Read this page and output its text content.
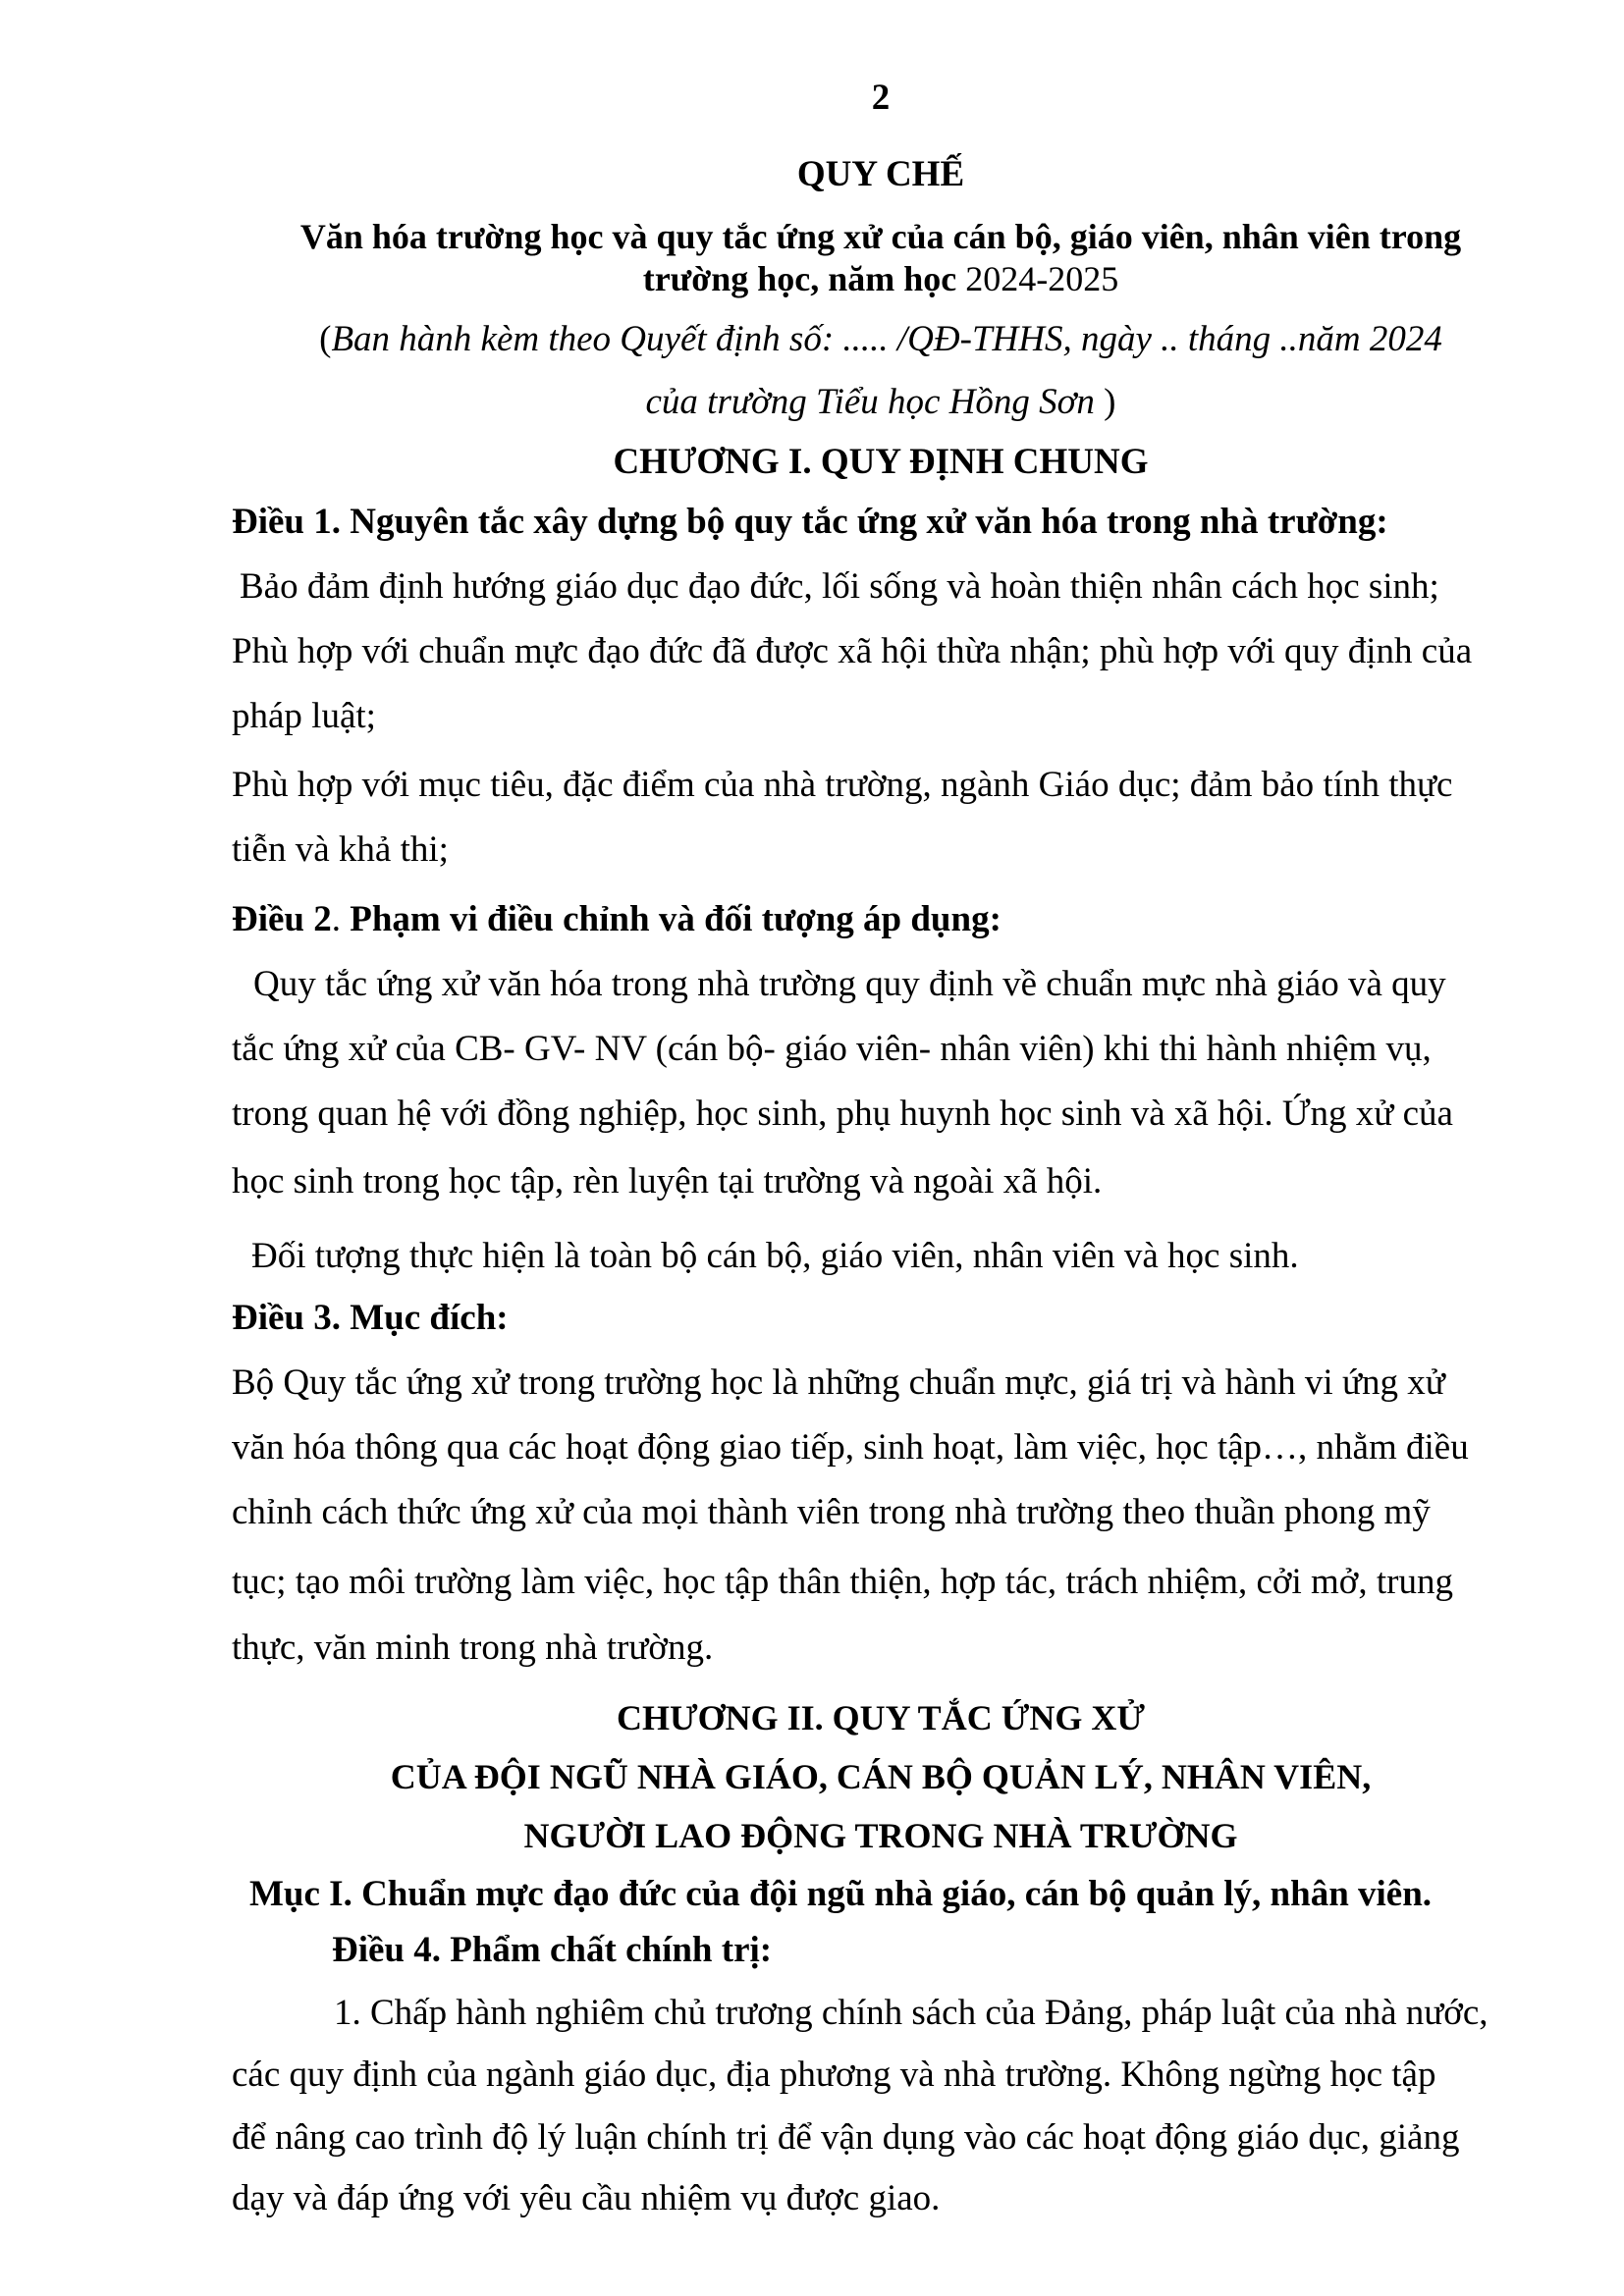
2
QUY CHẾ
Văn hóa trường học và quy tắc ứng xử của cán bộ, giáo viên, nhân viên trong
trường học, năm học 2024-2025
(Ban hành kèm theo Quyết định số: ..... /QĐ-THHS, ngày .. tháng ..năm 2024
của trường Tiểu học Hồng Sơn )
CHƯƠNG I. QUY ĐỊNH CHUNG
Điều 1. Nguyên tắc xây dựng bộ quy tắc ứng xử văn hóa trong nhà trường:
Bảo đảm định hướng giáo dục đạo đức, lối sống và hoàn thiện nhân cách học sinh;
Phù hợp với chuẩn mực đạo đức đã được xã hội thừa nhận; phù hợp với quy định của
pháp luật;
Phù hợp với mục tiêu, đặc điểm của nhà trường, ngành Giáo dục; đảm bảo tính thực
tiễn và khả thi;
Điều 2. Phạm vi điều chỉnh và đối tượng áp dụng:
Quy tắc ứng xử văn hóa trong nhà trường quy định về chuẩn mực nhà giáo và quy
tắc ứng xử của CB- GV- NV (cán bộ- giáo viên- nhân viên) khi thi hành nhiệm vụ,
trong quan hệ với đồng nghiệp, học sinh, phụ huynh học sinh và xã hội. Ứng xử của
học sinh trong học tập, rèn luyện tại trường và ngoài xã hội.
Đối tượng thực hiện là toàn bộ cán bộ, giáo viên, nhân viên và học sinh.
Điều 3. Mục đích:
Bộ Quy tắc ứng xử trong trường học là những chuẩn mực, giá trị và hành vi ứng xử
văn hóa thông qua các hoạt động giao tiếp, sinh hoạt, làm việc, học tập…, nhằm điều
chỉnh cách thức ứng xử của mọi thành viên trong nhà trường theo thuần phong mỹ
tục; tạo môi trường làm việc, học tập thân thiện, hợp tác, trách nhiệm, cởi mở, trung
thực, văn minh trong nhà trường.
CHƯƠNG II. QUY TẮC ỨNG XỬ
CỦA ĐỘI NGŨ NHÀ GIÁO, CÁN BỘ QUẢN LÝ, NHÂN VIÊN,
NGƯỜI LAO ĐỘNG TRONG NHÀ TRƯỜNG
Mục I. Chuẩn mực đạo đức của đội ngũ nhà giáo, cán bộ quản lý, nhân viên.
Điều 4. Phẩm chất chính trị:
1. Chấp hành nghiêm chủ trương chính sách của Đảng, pháp luật của nhà nước,
các quy định của ngành giáo dục, địa phương và nhà trường. Không ngừng học tập
để nâng cao trình độ lý luận chính trị để vận dụng vào các hoạt động giáo dục, giảng
dạy và đáp ứng với yêu cầu nhiệm vụ được giao.
